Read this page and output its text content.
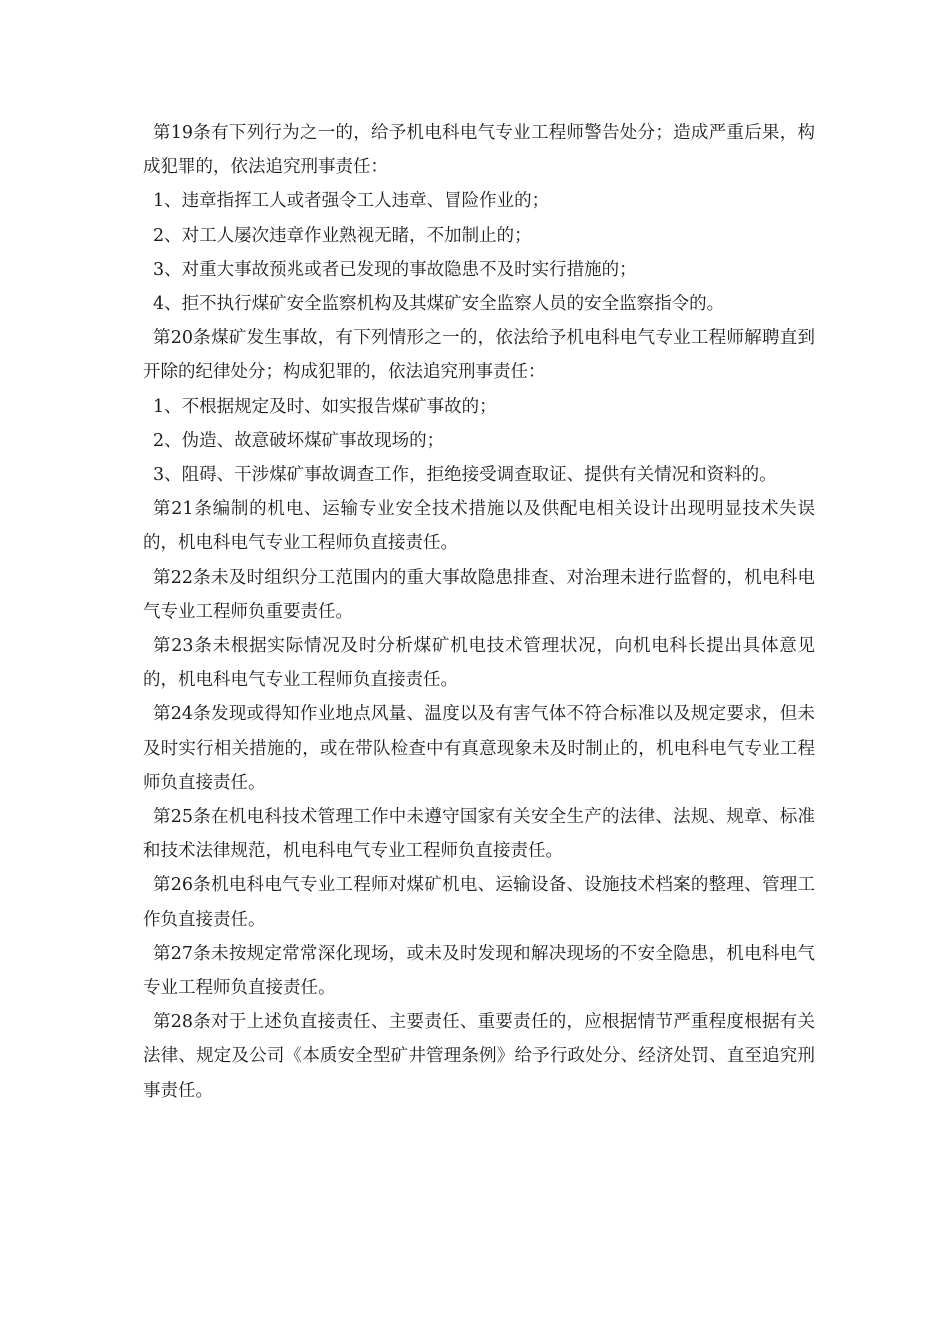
第19条有下列行为之一的，给予机电科电气专业工程师警告处分；造成严重后果，构成犯罪的，依法追究刑事责任：

1、违章指挥工人或者强令工人违章、冒险作业的；

2、对工人屡次违章作业熟视无睹，不加制止的；

3、对重大事故预兆或者已发现的事故隐患不及时实行措施的；

4、拒不执行煤矿安全监察机构及其煤矿安全监察人员的安全监察指令的。

第20条煤矿发生事故，有下列情形之一的，依法给予机电科电气专业工程师解聘直到开除的纪律处分；构成犯罪的，依法追究刑事责任：

1、不根据规定及时、如实报告煤矿事故的；

2、伪造、故意破坏煤矿事故现场的；

3、阻碍、干涉煤矿事故调查工作，拒绝接受调查取证、提供有关情况和资料的。

第21条编制的机电、运输专业安全技术措施以及供配电相关设计出现明显技术失误的，机电科电气专业工程师负直接责任。

第22条未及时组织分工范围内的重大事故隐患排查、对治理未进行监督的，机电科电气专业工程师负重要责任。

第23条未根据实际情况及时分析煤矿机电技术管理状况，向机电科长提出具体意见的，机电科电气专业工程师负直接责任。

第24条发现或得知作业地点风量、温度以及有害气体不符合标准以及规定要求，但未及时实行相关措施的，或在带队检查中有真意现象未及时制止的，机电科电气专业工程师负直接责任。

第25条在机电科技术管理工作中未遵守国家有关安全生产的法律、法规、规章、标准和技术法律规范，机电科电气专业工程师负直接责任。

第26条机电科电气专业工程师对煤矿机电、运输设备、设施技术档案的整理、管理工作负直接责任。

第27条未按规定常常深化现场，或未及时发现和解决现场的不安全隐患，机电科电气专业工程师负直接责任。

第28条对于上述负直接责任、主要责任、重要责任的，应根据情节严重程度根据有关法律、规定及公司《本质安全型矿井管理条例》给予行政处分、经济处罚、直至追究刑事责任。
